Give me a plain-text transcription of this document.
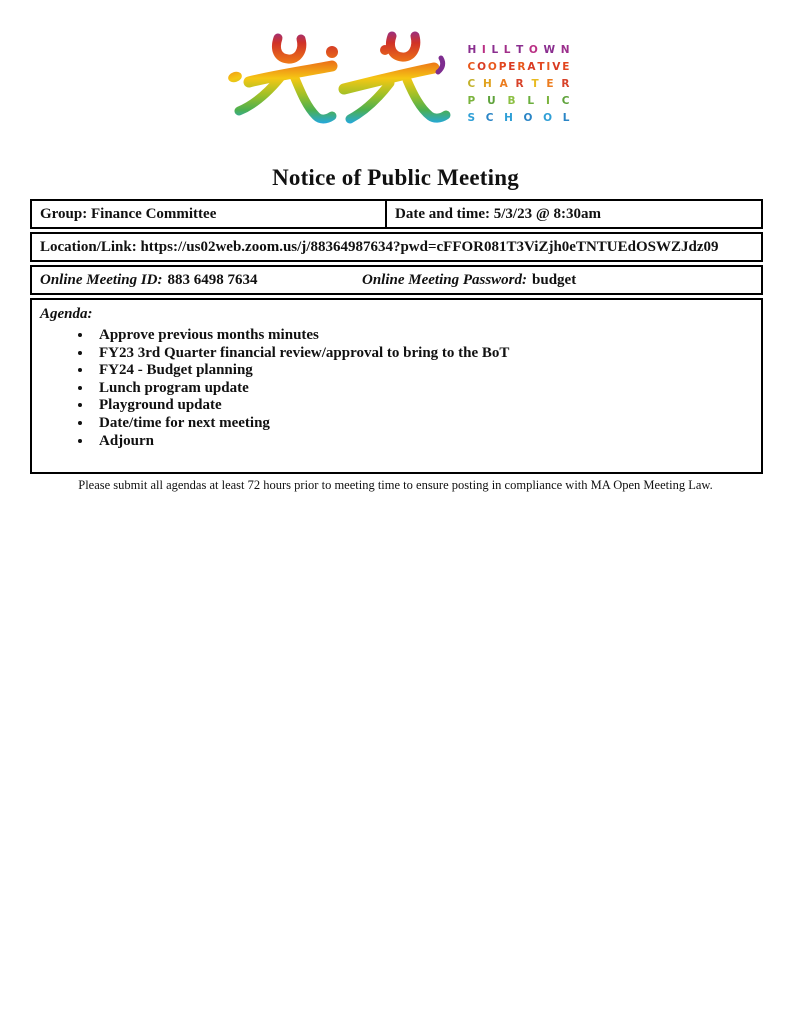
H I L L T O W N
C O O P E R A T I V E
C H A R T E R
P U B L I C
S C H O O L
Notice of Public Meeting
Group: Finance Committee	Date and time: 5/3/23 @ 8:30am
Location/Link: https://us02web.zoom.us/j/88364987634?pwd=cFFOR081T3ViZjh0eTNTUEdOSWZJdz09
Online Meeting ID: 883 6498 7634	Online Meeting Password: budget
Agenda:
• Approve previous months minutes
• FY23 3rd Quarter financial review/approval to bring to the BoT
• FY24 - Budget planning
• Lunch program update
• Playground update
• Date/time for next meeting
• Adjourn
Please submit all agendas at least 72 hours prior to meeting time to ensure posting in compliance with MA Open Meeting Law.
